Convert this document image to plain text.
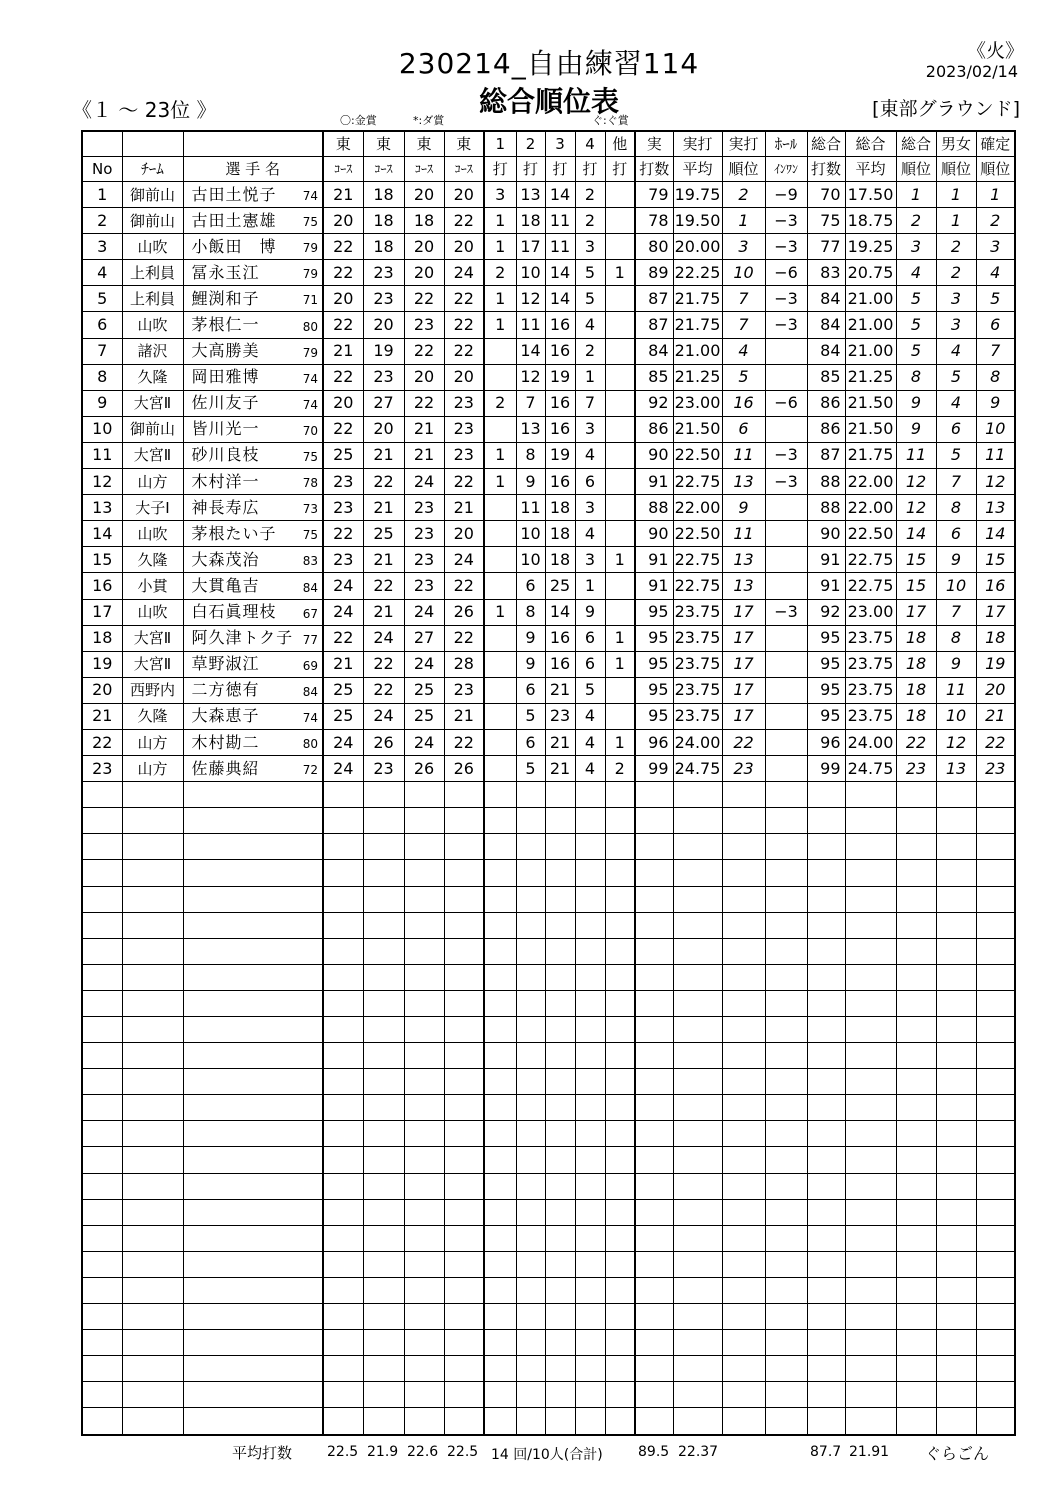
230214_自由練習114	《火》
2023/02/14
総合順位表
《１ ～ 23位 》	[東部グラウンド]
〇:金賞	*:ダ賞	ぐ:ぐ賞
			東	東	東	東	1	2	3	4	他	実	実打	実打	ﾎｰﾙ	総合	総合	総合	男女	確定
No	ﾁｰﾑ	選 手 名	ｺｰｽ	ｺｰｽ	ｺｰｽ	ｺｰｽ	打	打	打	打	打	打数	平均	順位	ｲﾝﾜﾝ	打数	平均	順位	順位	順位
1	御前山	古田土悦子 74	21	18	20	20	3	13	14	2		79	19.75	2	−9	70	17.50	1	1	1
2	御前山	古田土憲雄 75	20	18	18	22	1	18	11	2		78	19.50	1	−3	75	18.75	2	1	2
3	山吹	小飯田　博 79	22	18	20	20	1	17	11	3		80	20.00	3	−3	77	19.25	3	2	3
4	上利員	冨永玉江 79	22	23	20	24	2	10	14	5	1	89	22.25	10	−6	83	20.75	4	2	4
5	上利員	鯉渕和子 71	20	23	22	22	1	12	14	5		87	21.75	7	−3	84	21.00	5	3	5
6	山吹	茅根仁一 80	22	20	23	22	1	11	16	4		87	21.75	7	−3	84	21.00	5	3	6
7	諸沢	大高勝美 79	21	19	22	22		14	16	2		84	21.00	4		84	21.00	5	4	7
8	久隆	岡田雅博 74	22	23	20	20		12	19	1		85	21.25	5		85	21.25	8	5	8
9	大宮Ⅱ	佐川友子 74	20	27	22	23	2	7	16	7		92	23.00	16	−6	86	21.50	9	4	9
10	御前山	皆川光一 70	22	20	21	23		13	16	3		86	21.50	6		86	21.50	9	6	10
11	大宮Ⅱ	砂川良枝 75	25	21	21	23	1	8	19	4		90	22.50	11	−3	87	21.75	11	5	11
12	山方	木村洋一 78	23	22	24	22	1	9	16	6		91	22.75	13	−3	88	22.00	12	7	12
13	大子Ⅰ	神長寿広 73	23	21	23	21		11	18	3		88	22.00	9		88	22.00	12	8	13
14	山吹	茅根たい子 75	22	25	23	20		10	18	4		90	22.50	11		90	22.50	14	6	14
15	久隆	大森茂治 83	23	21	23	24		10	18	3	1	91	22.75	13		91	22.75	15	9	15
16	小貫	大貫亀吉 84	24	22	23	22		6	25	1		91	22.75	13		91	22.75	15	10	16
17	山吹	白石眞理枝 67	24	21	24	26	1	8	14	9		95	23.75	17	−3	92	23.00	17	7	17
18	大宮Ⅱ	阿久津トク子 77	22	24	27	22		9	16	6	1	95	23.75	17		95	23.75	18	8	18
19	大宮Ⅱ	草野淑江 69	21	22	24	28		9	16	6	1	95	23.75	17		95	23.75	18	9	19
20	西野内	二方徳有 84	25	22	25	23		6	21	5		95	23.75	17		95	23.75	18	11	20
21	久隆	大森恵子 74	25	24	25	21		5	23	4		95	23.75	17		95	23.75	18	10	21
22	山方	木村勘二 80	24	26	24	22		6	21	4	1	96	24.00	22		96	24.00	22	12	22
23	山方	佐藤典紹 72	24	23	26	26		5	21	4	2	99	24.75	23		99	24.75	23	13	23

平均打数 22.5 21.9 22.6 22.5 14 回/10人(合計)	89.5 22.37	87.7 21.91 ぐらごん
